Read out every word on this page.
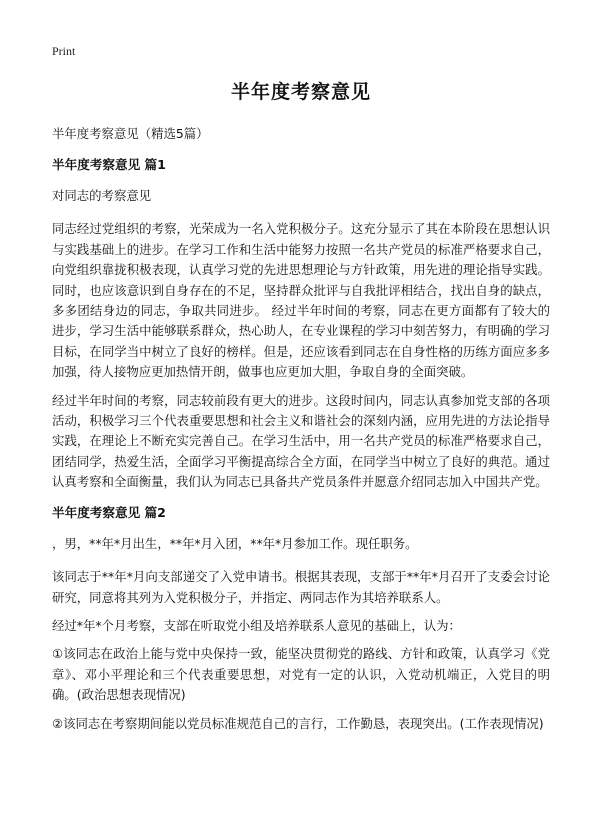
Print
半年度考察意见
半年度考察意见（精选5篇）
半年度考察意见 篇1
对同志的考察意见
同志经过党组织的考察，光荣成为一名入党积极分子。这充分显示了其在本阶段在思想认识与实践基础上的进步。在学习工作和生活中能努力按照一名共产党员的标准严格要求自己，向党组织靠拢积极表现，认真学习党的先进思想理论与方针政策，用先进的理论指导实践。同时，也应该意识到自身存在的不足，坚持群众批评与自我批评相结合，找出自身的缺点，多多团结身边的同志，争取共同进步。 经过半年时间的考察，同志在更方面都有了较大的进步，学习生活中能够联系群众，热心助人，在专业课程的学习中刻苦努力，有明确的学习目标，在同学当中树立了良好的榜样。但是，还应该看到同志在自身性格的历练方面应多多加强，待人接物应更加热情开朗，做事也应更加大胆，争取自身的全面突破。
经过半年时间的考察，同志较前段有更大的进步。这段时间内，同志认真参加党支部的各项活动，积极学习三个代表重要思想和社会主义和谐社会的深刻内涵，应用先进的方法论指导实践，在理论上不断充实完善自己。在学习生活中，用一名共产党员的标准严格要求自己，团结同学，热爱生活，全面学习平衡提高综合全方面，在同学当中树立了良好的典范。通过认真考察和全面衡量，我们认为同志已具备共产党员条件并愿意介绍同志加入中国共产党。
半年度考察意见 篇2
，男，**年*月出生，**年*月入团，**年*月参加工作。现任职务。
该同志于**年*月向支部递交了入党申请书。根据其表现，支部于**年*月召开了支委会讨论研究，同意将其列为入党积极分子，并指定、两同志作为其培养联系人。
经过*年*个月考察，支部在听取党小组及培养联系人意见的基础上，认为：
①该同志在政治上能与党中央保持一致，能坚决贯彻党的路线、方针和政策，认真学习《党章》、邓小平理论和三个代表重要思想，对党有一定的认识，入党动机端正，入党目的明确。(政治思想表现情况)
②该同志在考察期间能以党员标准规范自己的言行，工作勤恳，表现突出。(工作表现情况)
